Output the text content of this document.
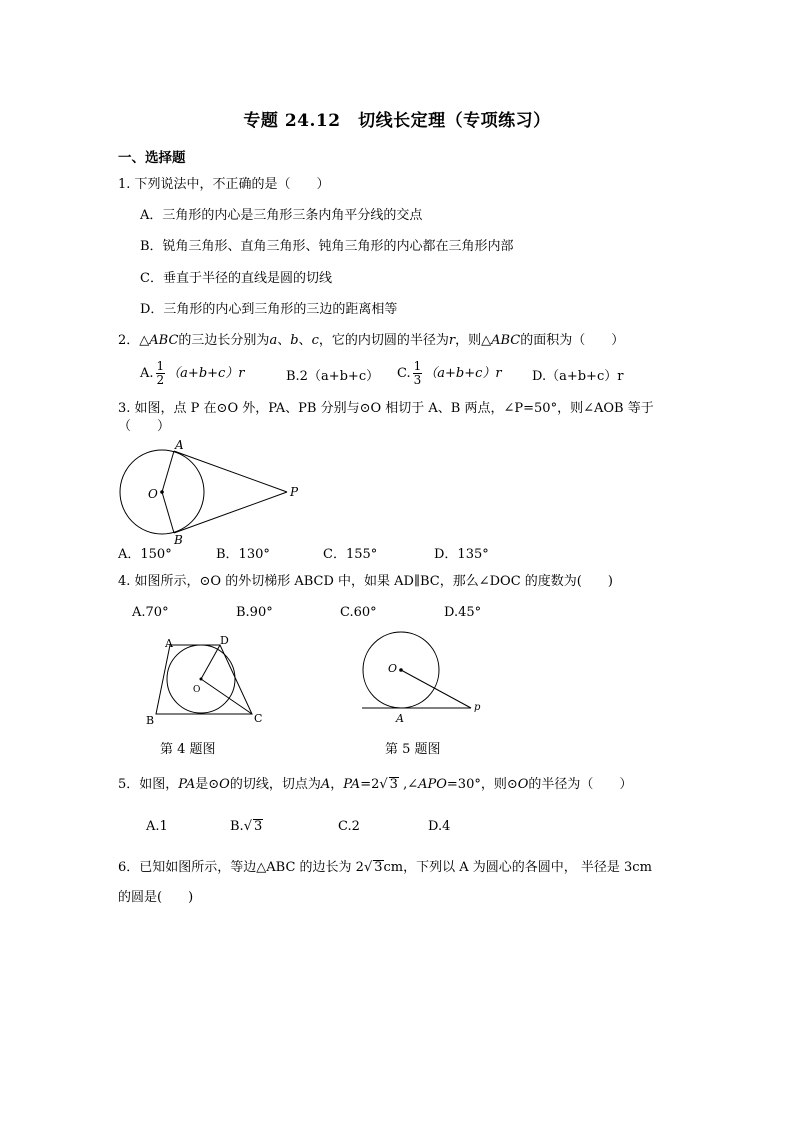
专题 24.12　切线长定理（专项练习）
一、选择题
1. 下列说法中，不正确的是（　　）
A．三角形的内心是三角形三条内角平分线的交点
B．锐角三角形、直角三角形、钝角三角形的内心都在三角形内部
C．垂直于半径的直线是圆的切线
D．三角形的内心到三角形的三边的距离相等
2．△ABC的三边长分别为a、b、c，它的内切圆的半径为r，则△ABC的面积为（　　）
A. $\frac{1}{2} (a+b+c)r$	B.2（a+b+c） C. $\frac{1}{3} (a+b+c)r$ D.（a+b+c）r
3. 如图，点 P 在⊙O 外，PA、PB 分别与⊙O 相切于 A、B 两点，∠P=50°，则∠AOB 等于
（　　）
A
B
O	P
A．150°	B．130°	C．155°	D．135°
4. 如图所示，⊙O 的外切梯形 ABCD 中，如果 AD∥BC，那么∠DOC 的度数为(　　)
A.70°	B.90°	C.60°	D.45°
A	D
B	C
O
O
A
p
第 4 题图	第 5 题图
5．如图，PA是⊙O的切线，切点为A，PA=2√ 3 ,∠APO=30°，则⊙O的半径为（　　）
A.1	B.√ 3	C.2	D.4
6．已知如图所示，等边△ABC 的边长为 2√ 3cm，下列以 A 为圆心的各圆中， 半径是 3cm
的圆是(　　)
